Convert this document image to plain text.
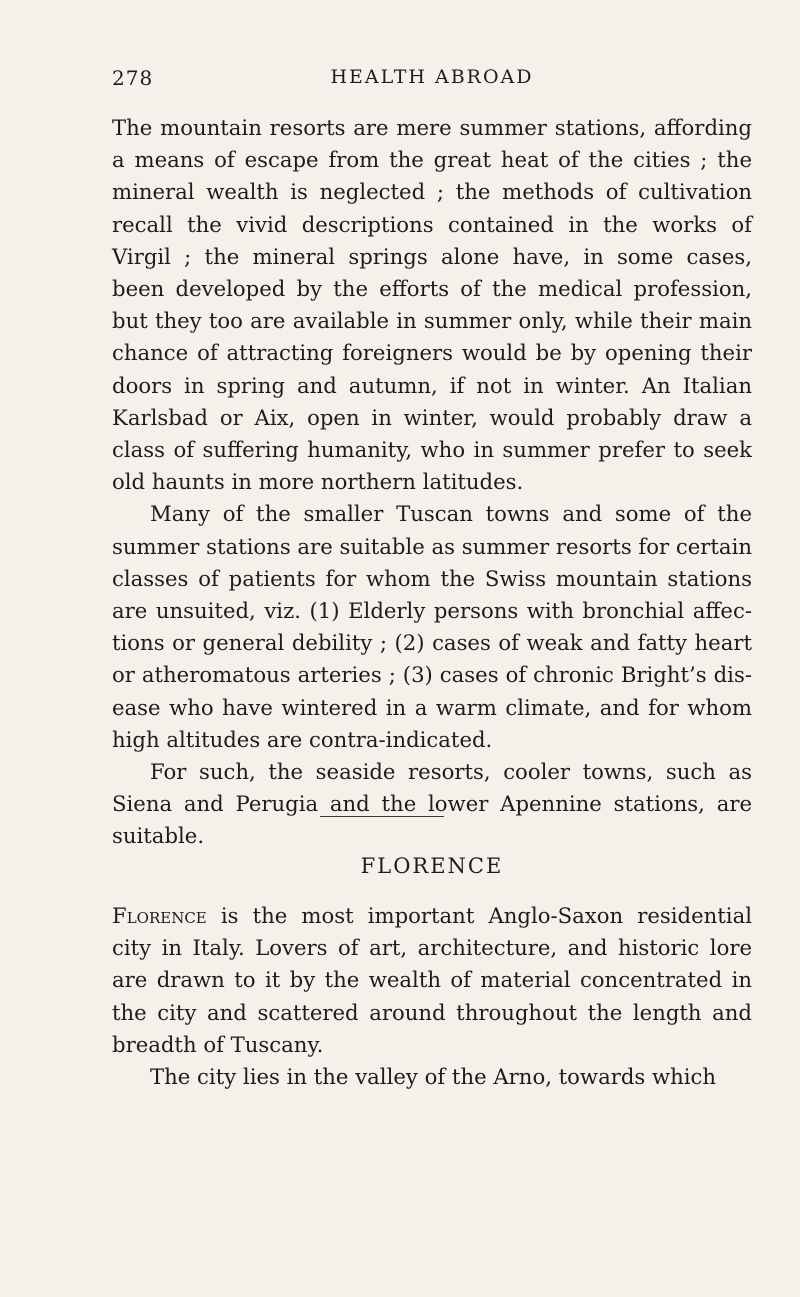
278	HEALTH ABROAD

The mountain resorts are mere summer stations, affording a means of escape from the great heat of the cities ; the mineral wealth is neglected ; the methods of cultivation recall the vivid descriptions contained in the works of Virgil ; the mineral springs alone have, in some cases, been developed by the efforts of the medical profession, but they too are available in summer only, while their main chance of attracting foreigners would be by opening their doors in spring and autumn, if not in winter. An Italian Karlsbad or Aix, open in winter, would probably draw a class of suffering humanity, who in summer prefer to seek old haunts in more northern latitudes.

Many of the smaller Tuscan towns and some of the summer stations are suitable as summer resorts for certain classes of patients for whom the Swiss mountain stations are unsuited, viz. (1) Elderly persons with bronchial affections or general debility ; (2) cases of weak and fatty heart or atheromatous arteries ; (3) cases of chronic Bright’s disease who have wintered in a warm climate, and for whom high altitudes are contra-indicated.

For such, the seaside resorts, cooler towns, such as Siena and Perugia and the lower Apennine stations, are suitable.

FLORENCE

Florence is the most important Anglo-Saxon residential city in Italy. Lovers of art, architecture, and historic lore are drawn to it by the wealth of material concentrated in the city and scattered around throughout the length and breadth of Tuscany.

The city lies in the valley of the Arno, towards which
